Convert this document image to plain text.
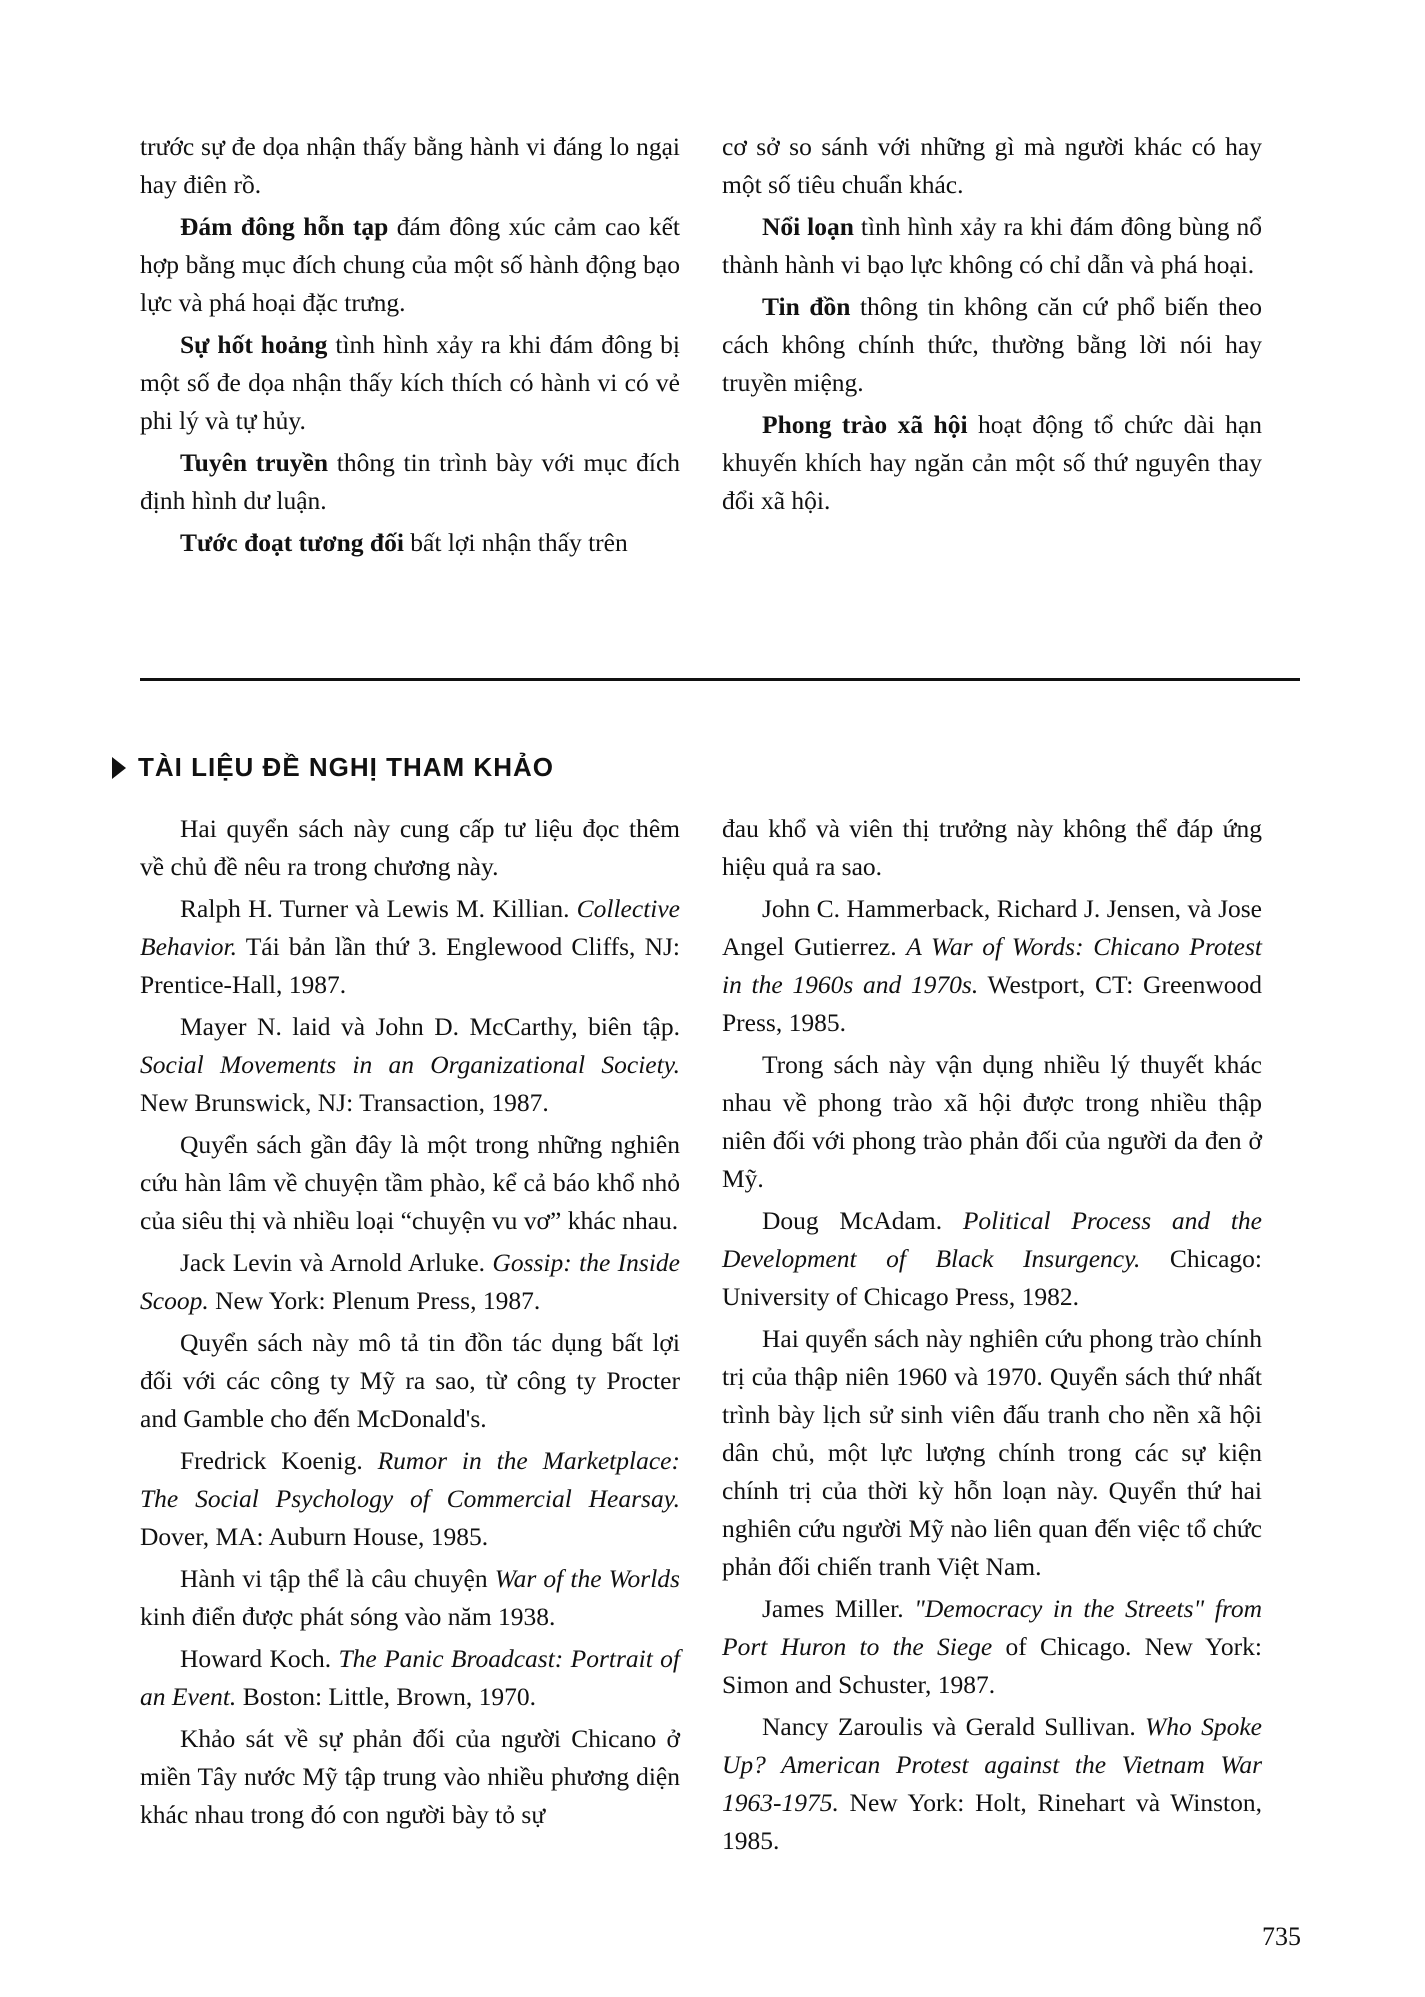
trước sự đe dọa nhận thấy bằng hành vi đáng lo ngại hay điên rồ.

Đám đông hỗn tạp đám đông xúc cảm cao kết hợp bằng mục đích chung của một số hành động bạo lực và phá hoại đặc trưng.

Sự hốt hoảng tình hình xảy ra khi đám đông bị một số đe dọa nhận thấy kích thích có hành vi có vẻ phi lý và tự hủy.

Tuyên truyền thông tin trình bày với mục đích định hình dư luận.

Tước đoạt tương đối bất lợi nhận thấy trên

cơ sở so sánh với những gì mà người khác có hay một số tiêu chuẩn khác.

Nổi loạn tình hình xảy ra khi đám đông bùng nổ thành hành vi bạo lực không có chỉ dẫn và phá hoại.

Tin đồn thông tin không căn cứ phổ biến theo cách không chính thức, thường bằng lời nói hay truyền miệng.

Phong trào xã hội hoạt động tổ chức dài hạn khuyến khích hay ngăn cản một số thứ nguyên thay đổi xã hội.

TÀI LIỆU ĐỀ NGHỊ THAM KHẢO

Hai quyển sách này cung cấp tư liệu đọc thêm về chủ đề nêu ra trong chương này.

Ralph H. Turner và Lewis M. Killian. Collective Behavior. Tái bản lần thứ 3. Englewood Cliffs, NJ: Prentice-Hall, 1987.

Mayer N. laid và John D. McCarthy, biên tập. Social Movements in an Organizational Society. New Brunswick, NJ: Transaction, 1987.

Quyển sách gần đây là một trong những nghiên cứu hàn lâm về chuyện tầm phào, kể cả báo khổ nhỏ của siêu thị và nhiều loại “chuyện vu vơ” khác nhau.

Jack Levin và Arnold Arluke. Gossip: the Inside Scoop. New York: Plenum Press, 1987.

Quyển sách này mô tả tin đồn tác dụng bất lợi đối với các công ty Mỹ ra sao, từ công ty Procter and Gamble cho đến McDonald's.

Fredrick Koenig. Rumor in the Marketplace: The Social Psychology of Commercial Hearsay. Dover, MA: Auburn House, 1985.

Hành vi tập thể là câu chuyện War of the Worlds kinh điển được phát sóng vào năm 1938.

Howard Koch. The Panic Broadcast: Portrait of an Event. Boston: Little, Brown, 1970.

Khảo sát về sự phản đối của người Chicano ở miền Tây nước Mỹ tập trung vào nhiều phương diện khác nhau trong đó con người bày tỏ sự

đau khổ và viên thị trưởng này không thể đáp ứng hiệu quả ra sao.

John C. Hammerback, Richard J. Jensen, và Jose Angel Gutierrez. A War of Words: Chicano Protest in the 1960s and 1970s. Westport, CT: Greenwood Press, 1985.

Trong sách này vận dụng nhiều lý thuyết khác nhau về phong trào xã hội được trong nhiều thập niên đối với phong trào phản đối của người da đen ở Mỹ.

Doug McAdam. Political Process and the Development of Black Insurgency. Chicago: University of Chicago Press, 1982.

Hai quyển sách này nghiên cứu phong trào chính trị của thập niên 1960 và 1970. Quyển sách thứ nhất trình bày lịch sử sinh viên đấu tranh cho nền xã hội dân chủ, một lực lượng chính trong các sự kiện chính trị của thời kỳ hỗn loạn này. Quyển thứ hai nghiên cứu người Mỹ nào liên quan đến việc tổ chức phản đối chiến tranh Việt Nam.

James Miller. "Democracy in the Streets" from Port Huron to the Siege of Chicago. New York: Simon and Schuster, 1987.

Nancy Zaroulis và Gerald Sullivan. Who Spoke Up? American Protest against the Vietnam War 1963-1975. New York: Holt, Rinehart và Winston, 1985.

735
